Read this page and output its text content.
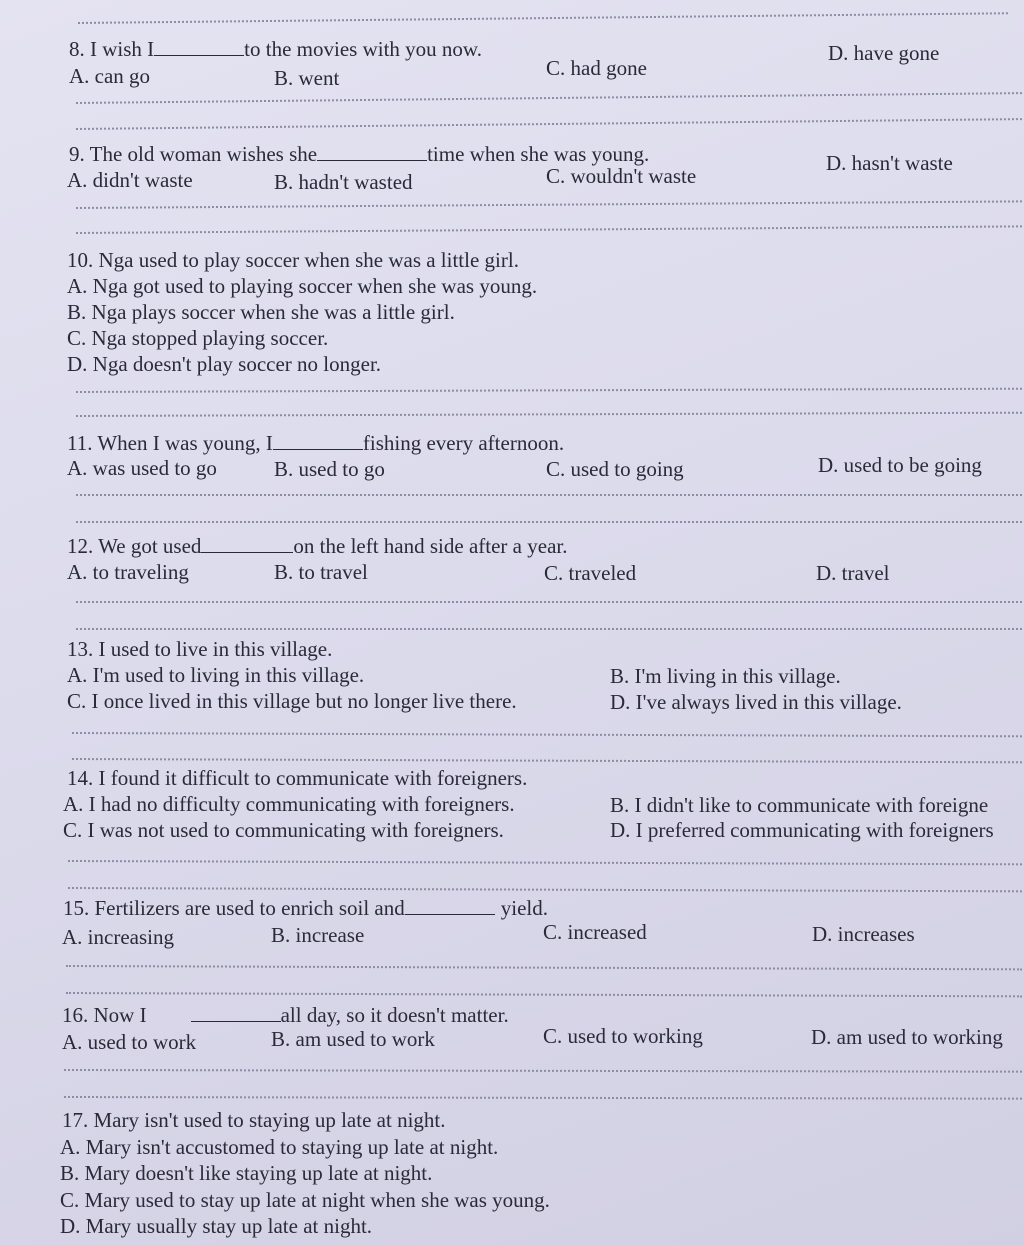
8. I wish I	to the movies with you now.
A. can go	B. went	C. had gone
D. have gone
9. The old woman wishes she	time when she was young.
A. didn't waste	B. hadn't wasted	C. wouldn't waste
D. hasn't waste
10. Nga used to play soccer when she was a little girl.
A. Nga got used to playing soccer when she was young.
B. Nga plays soccer when she was a little girl.
C. Nga stopped playing soccer.
D. Nga doesn't play soccer no longer.
11. When I was young, I	fishing every afternoon.
A. was used to go	B. used to go	C. used to going	D. used to be going
12. We got used	on the left hand side after a year.
A. to traveling	B. to travel	C. traveled	D. travel
13. I used to live in this village.
A. I'm used to living in this village.	B. I'm living in this village.
C. I once lived in this village but no longer live there.	D. I've always lived in this village.
14. I found it difficult to communicate with foreigners.
A. I had no difficulty communicating with foreigners.	B. I didn't like to communicate with foreigne
C. I was not used to communicating with foreigners.	D. I preferred communicating with foreigners
15. Fertilizers are used to enrich soil and	yield.
A. increasing	B. increase	C. increased	D. increases
16. Now I	all day, so it doesn't matter.
A. used to work	B. am used to work	C. used to working	D. am used to working
17. Mary isn't used to staying up late at night.
A. Mary isn't accustomed to staying up late at night.
B. Mary doesn't like staying up late at night.
C. Mary used to stay up late at night when she was young.
D. Mary usually stay up late at night.
